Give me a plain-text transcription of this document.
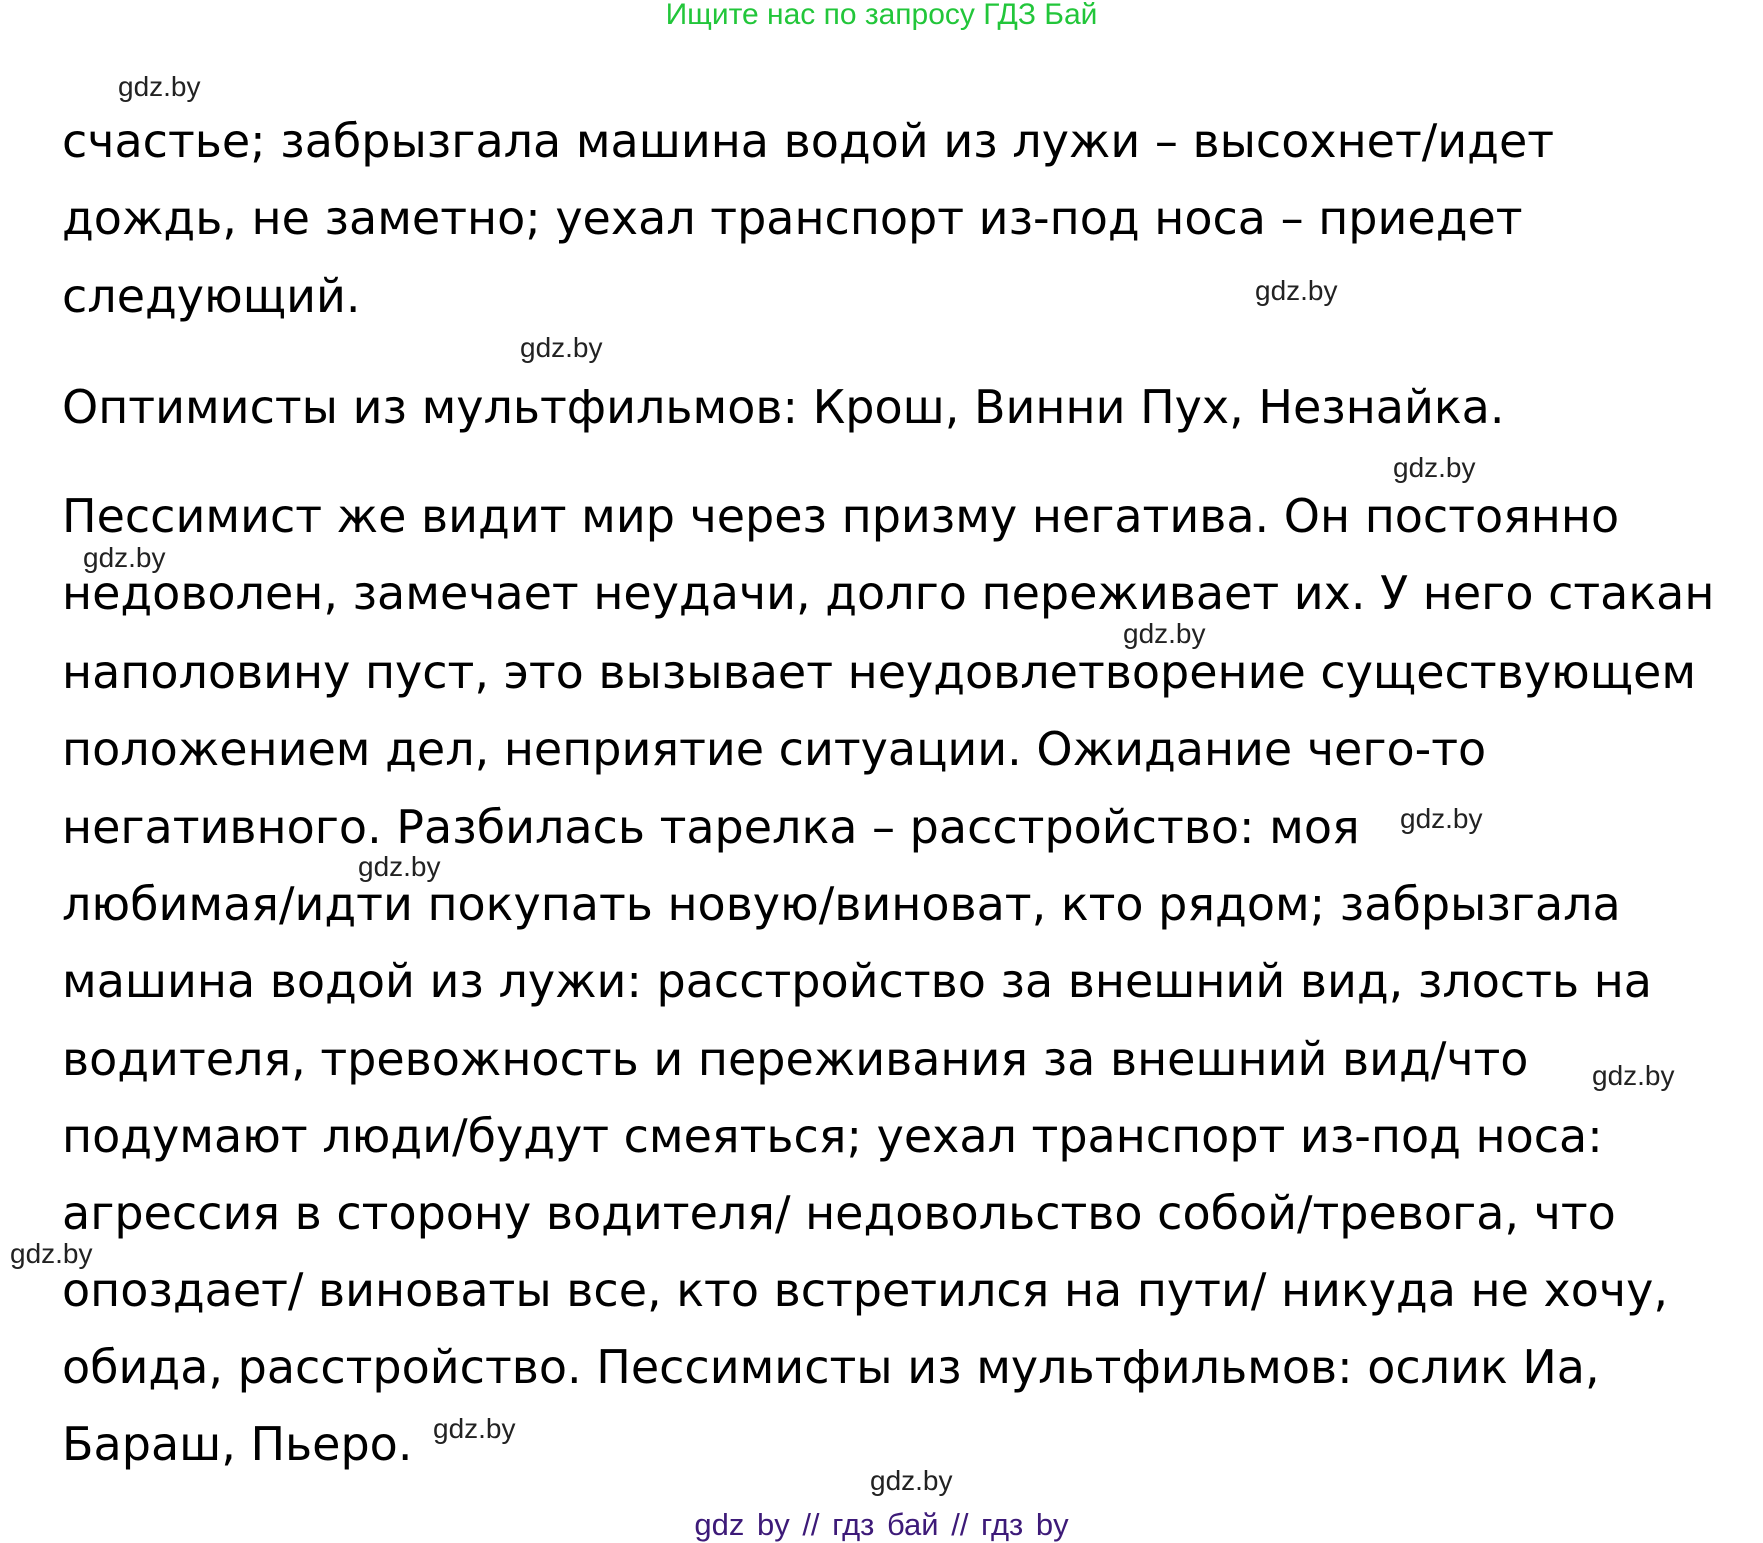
Ищите нас по запросу ГДЗ Бай
счастье; забрызгала машина водой из лужи – высохнет/идет
дождь, не заметно; уехал транспорт из-под носа – приедет
следующий.
Оптимисты из мультфильмов: Крош, Винни Пух, Незнайка.
Пессимист же видит мир через призму негатива. Он постоянно
недоволен, замечает неудачи, долго переживает их. У него стакан
наполовину пуст, это вызывает неудовлетворение существующем
положением дел, неприятие ситуации. Ожидание чего-то
негативного. Разбилась тарелка – расстройство: моя
любимая/идти покупать новую/виноват, кто рядом; забрызгала
машина водой из лужи: расстройство за внешний вид, злость на
водителя, тревожность и переживания за внешний вид/что
подумают люди/будут смеяться; уехал транспорт из-под носа:
агрессия в сторону водителя/ недовольство собой/тревога, что
опоздает/ виноваты все, кто встретился на пути/ никуда не хочу,
обида, расстройство. Пессимисты из мультфильмов: ослик Иа,
Бараш, Пьеро.
gdz.by
gdz.by
gdz.by
gdz.by
gdz.by
gdz.by
gdz.by
gdz.by
gdz.by
gdz.by
gdz.by
gdz.by
gdz by // гдз бай // гдз by
